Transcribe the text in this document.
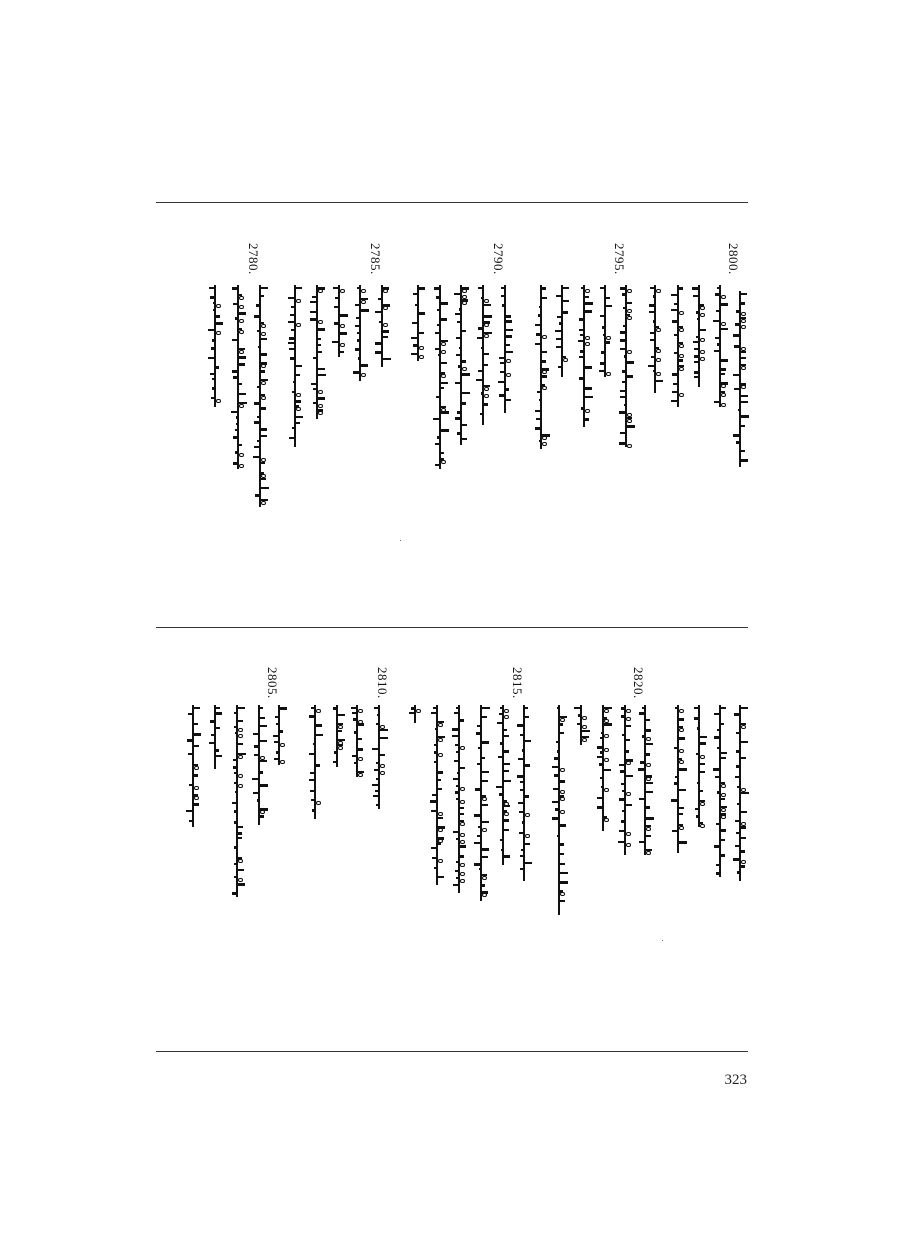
2800.
2795.
2790.
2785.
2780.
2820.
2815.
2810.
2805.
323
